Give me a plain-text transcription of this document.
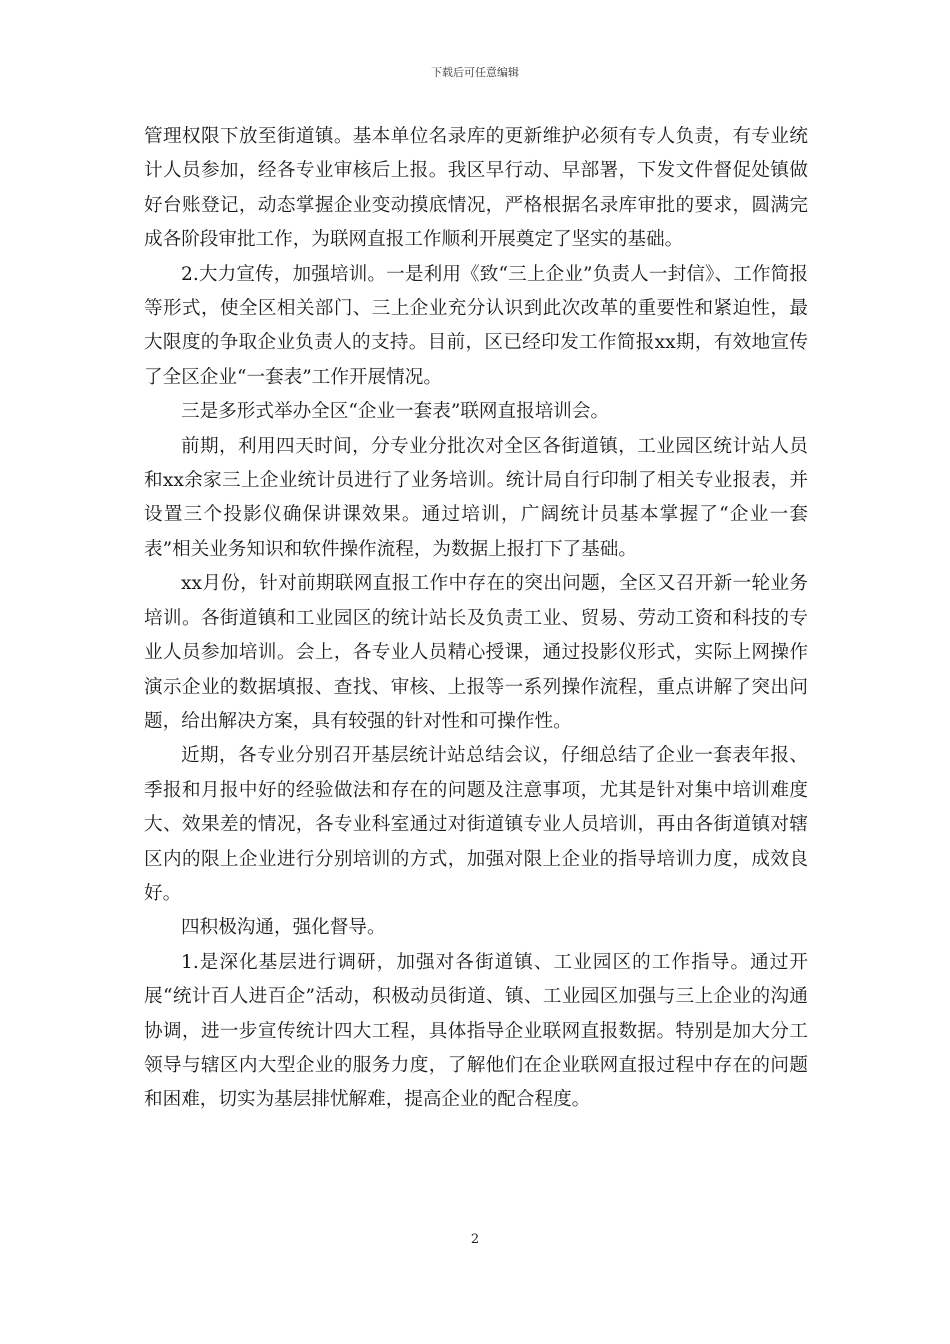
下载后可任意编辑

管理权限下放至街道镇。基本单位名录库的更新维护必须有专人负责，有专业统计人员参加，经各专业审核后上报。我区早行动、早部署，下发文件督促处镇做好台账登记，动态掌握企业变动摸底情况，严格根据名录库审批的要求，圆满完成各阶段审批工作，为联网直报工作顺利开展奠定了坚实的基础。

2.大力宣传，加强培训。一是利用《致“三上企业”负责人一封信》、工作简报等形式，使全区相关部门、三上企业充分认识到此次改革的重要性和紧迫性，最大限度的争取企业负责人的支持。目前，区已经印发工作简报xx期，有效地宣传了全区企业“一套表”工作开展情况。

三是多形式举办全区“企业一套表”联网直报培训会。

前期，利用四天时间，分专业分批次对全区各街道镇，工业园区统计站人员和xx余家三上企业统计员进行了业务培训。统计局自行印制了相关专业报表，并设置三个投影仪确保讲课效果。通过培训，广阔统计员基本掌握了“企业一套表”相关业务知识和软件操作流程，为数据上报打下了基础。

xx月份，针对前期联网直报工作中存在的突出问题，全区又召开新一轮业务培训。各街道镇和工业园区的统计站长及负责工业、贸易、劳动工资和科技的专业人员参加培训。会上，各专业人员精心授课，通过投影仪形式，实际上网操作演示企业的数据填报、查找、审核、上报等一系列操作流程，重点讲解了突出问题，给出解决方案，具有较强的针对性和可操作性。

近期，各专业分别召开基层统计站总结会议，仔细总结了企业一套表年报、季报和月报中好的经验做法和存在的问题及注意事项，尤其是针对集中培训难度大、效果差的情况，各专业科室通过对街道镇专业人员培训，再由各街道镇对辖区内的限上企业进行分别培训的方式，加强对限上企业的指导培训力度，成效良好。

四积极沟通，强化督导。

1.是深化基层进行调研，加强对各街道镇、工业园区的工作指导。通过开展“统计百人进百企”活动，积极动员街道、镇、工业园区加强与三上企业的沟通协调，进一步宣传统计四大工程，具体指导企业联网直报数据。特别是加大分工领导与辖区内大型企业的服务力度，了解他们在企业联网直报过程中存在的问题和困难，切实为基层排忧解难，提高企业的配合程度。

2
